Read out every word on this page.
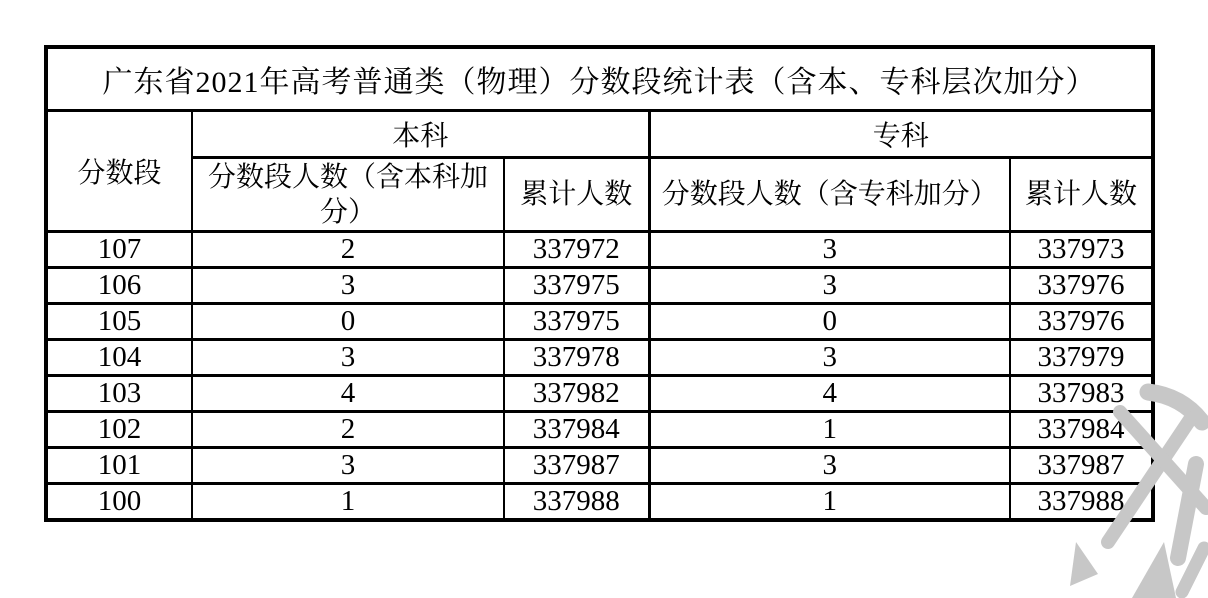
广东省2021年高考普通类（物理）分数段统计表（含本、专科层次加分）				
分数段	本科		专科	
	分数段人数（含本科加分）	累计人数	分数段人数（含专科加分）	累计人数
107	2	337972	3	337973
106	3	337975	3	337976
105	0	337975	0	337976
104	3	337978	3	337979
103	4	337982	4	337983
102	2	337984	1	337984
101	3	337987	3	337987
100	1	337988	1	337988
